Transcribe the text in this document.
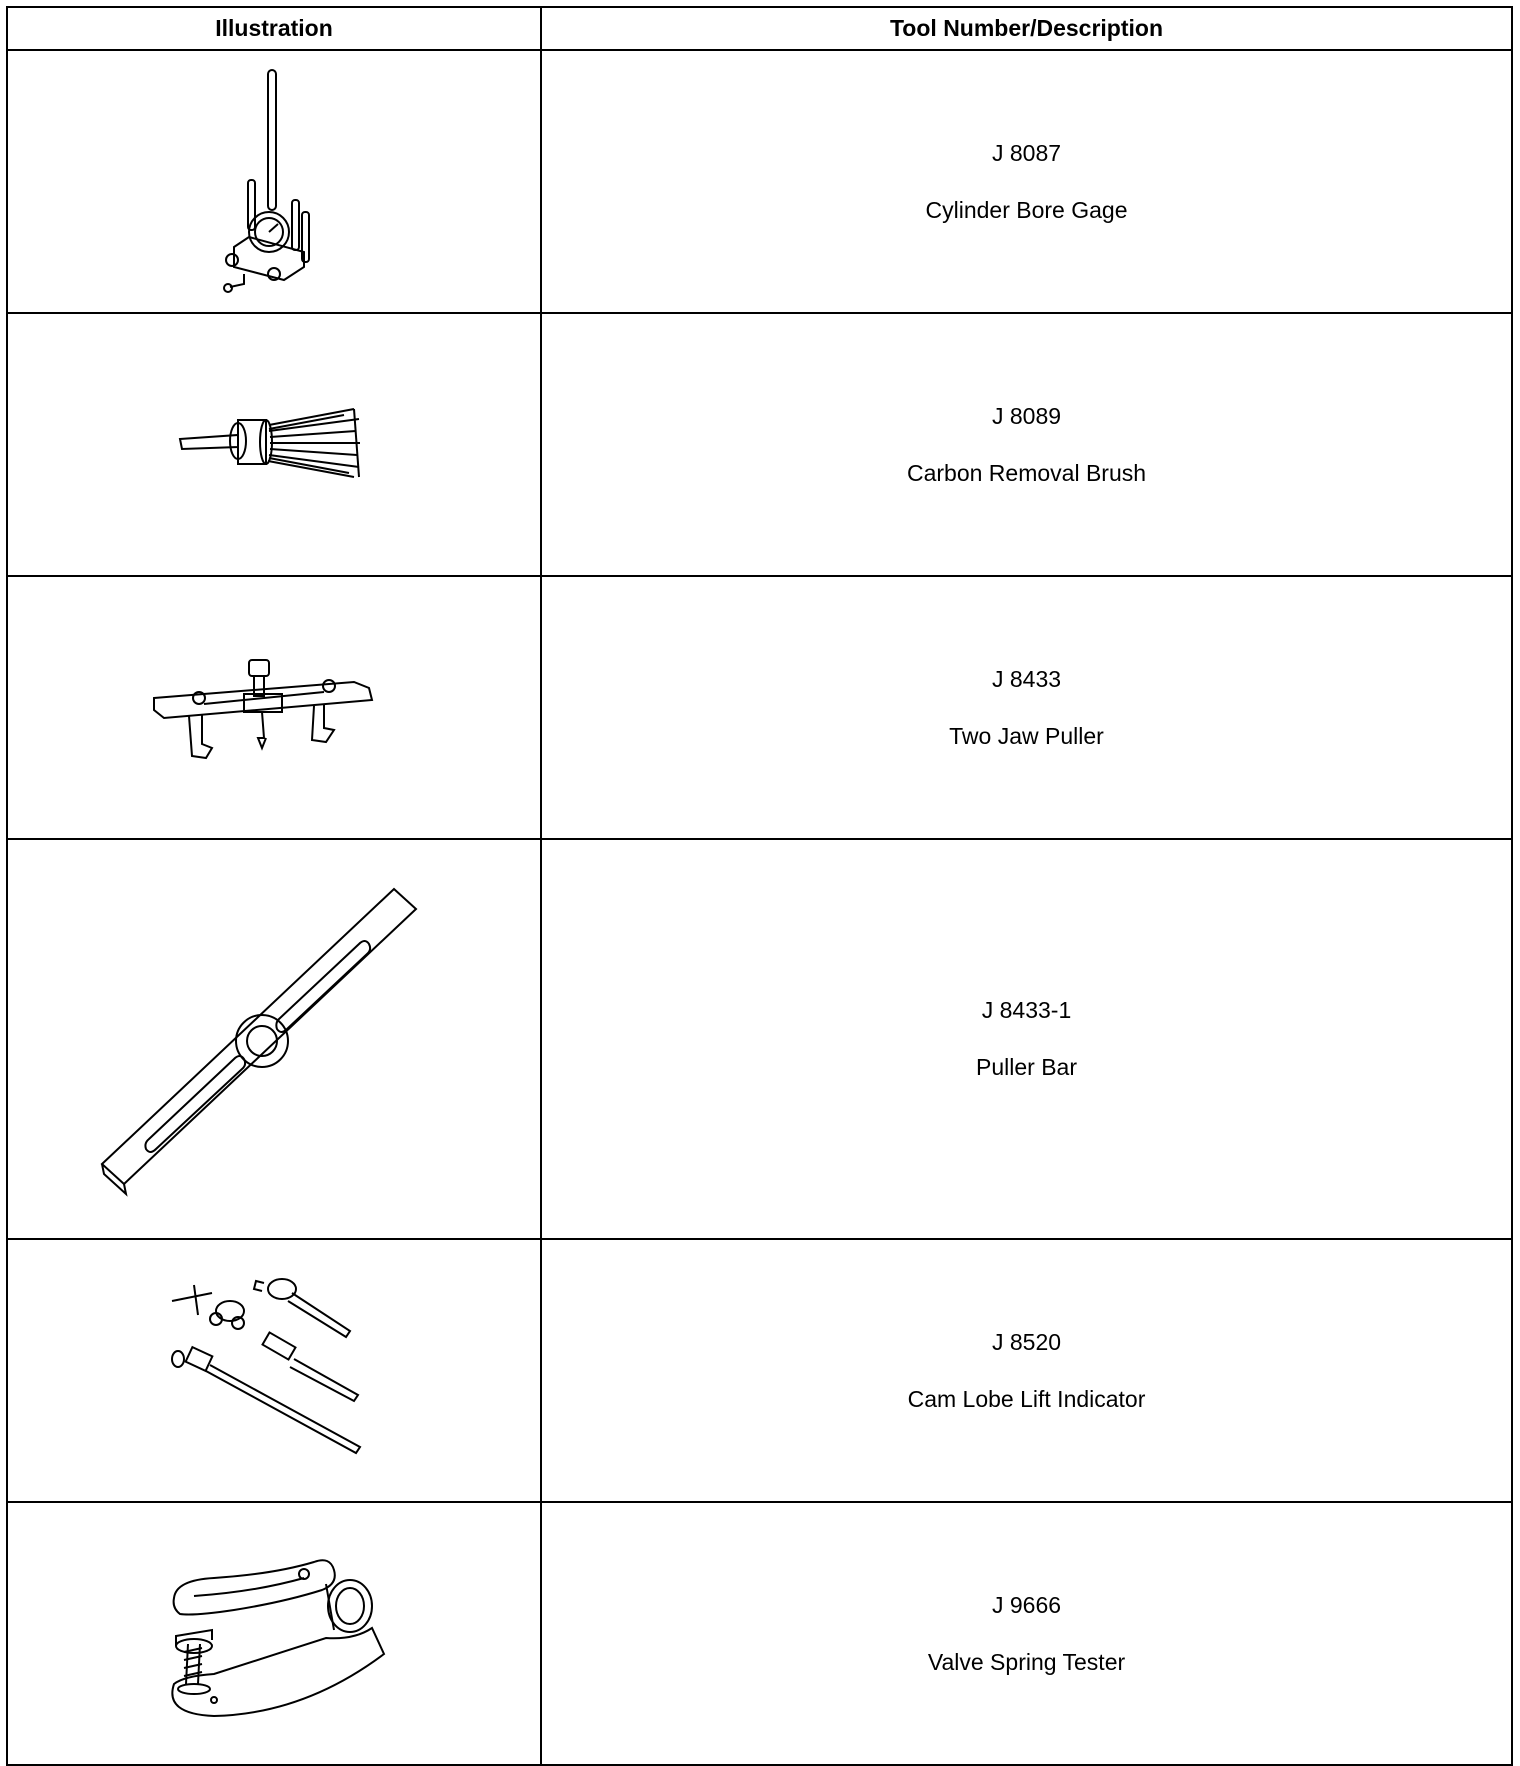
Illustration	Tool Number/Description

J 8087
Cylinder Bore Gage

J 8089
Carbon Removal Brush

J 8433
Two Jaw Puller

J 8433-1
Puller Bar

J 8520
Cam Lobe Lift Indicator

J 9666
Valve Spring Tester
